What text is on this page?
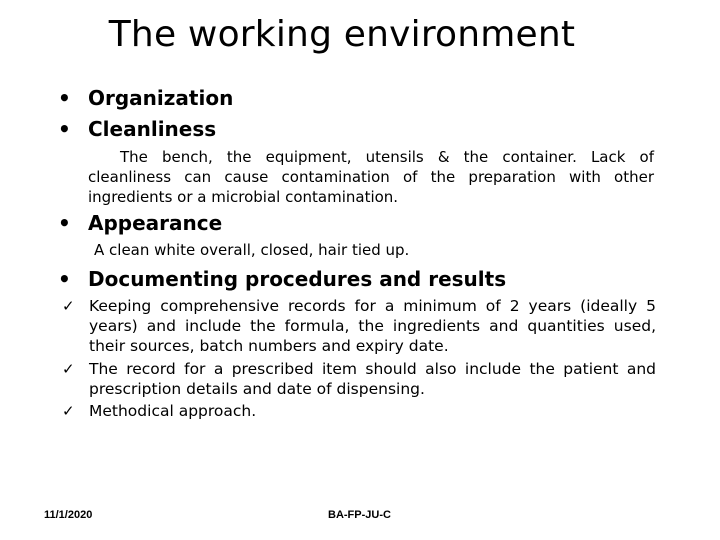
The working environment
• Organization
• Cleanliness
The bench, the equipment, utensils & the container. Lack of cleanliness can cause contamination of the preparation with other ingredients or a microbial contamination.
• Appearance
A clean white overall, closed, hair tied up.
• Documenting procedures and results
✓ Keeping comprehensive records for a minimum of 2 years (ideally 5 years) and include the formula, the ingredients and quantities used, their sources, batch numbers and expiry date.
✓ The record for a prescribed item should also include the patient and prescription details and date of dispensing.
✓ Methodical approach.
11/1/2020	BA-FP-JU-C
